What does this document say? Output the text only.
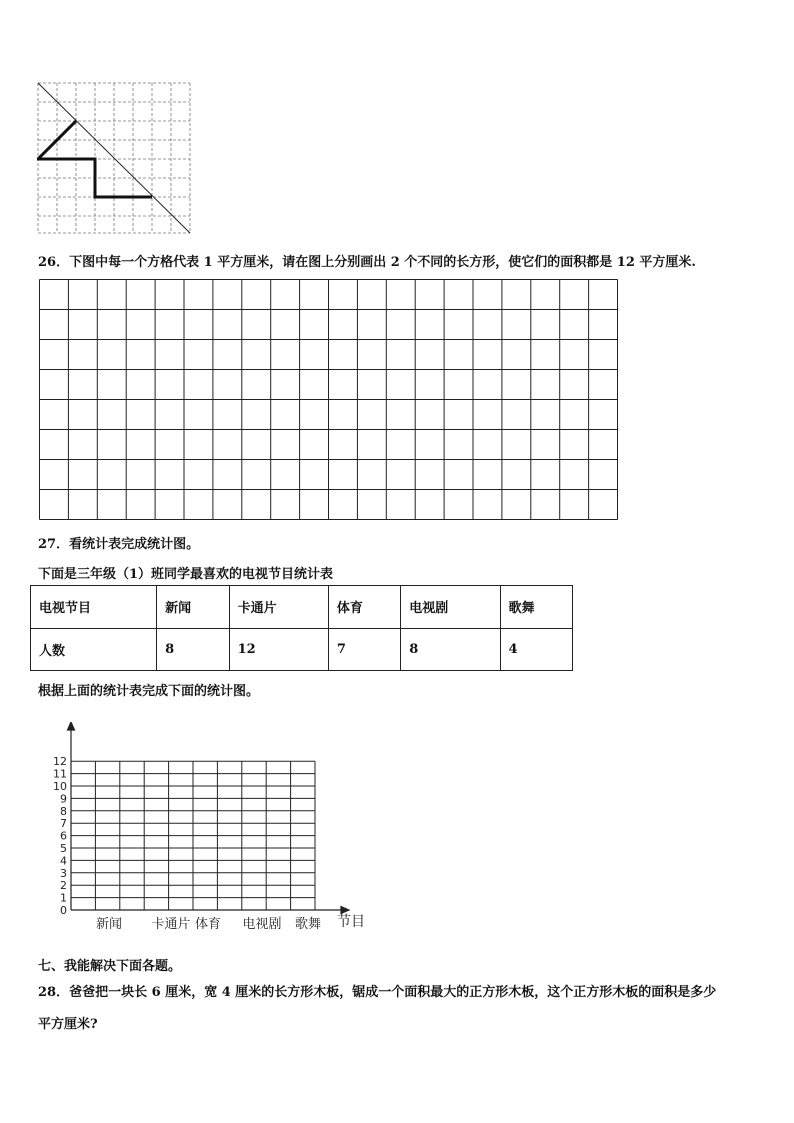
26．下图中每一个方格代表 1 平方厘米，请在图上分别画出 2 个不同的长方形，使它们的面积都是 12 平方厘米.
27．看统计表完成统计图。
下面是三年级（1）班同学最喜欢的电视节目统计表
电视节目	新闻	卡通片	体育	电视剧	歌舞
人数	8	12	7	8	4
根据上面的统计表完成下面的统计图。
0
1
2
3
4
5
6
7
8
9
10
11
12
新闻 卡通片 体育 电视剧 歌舞 节目
七、我能解决下面各题。
28．爸爸把一块长 6 厘米，宽 4 厘米的长方形木板，锯成一个面积最大的正方形木板，这个正方形木板的面积是多少
平方厘米?
